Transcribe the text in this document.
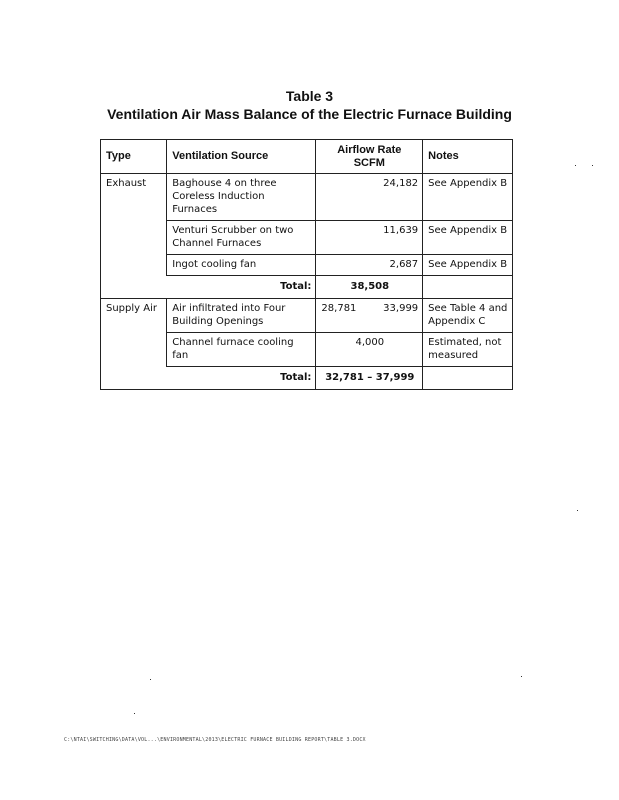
Table 3
Ventilation Air Mass Balance of the Electric Furnace Building
Type	Ventilation Source	Airflow Rate SCFM	Notes
Exhaust	Baghouse 4 on three Coreless Induction Furnaces	24,182	See Appendix B
	Venturi Scrubber on two Channel Furnaces	11,639	See Appendix B
	Ingot cooling fan	2,687	See Appendix B
	Total:	38,508	
Supply Air	Air infiltrated into Four Building Openings	28,781 33,999	See Table 4 and Appendix C
	Channel furnace cooling fan	4,000	Estimated, not measured
	Total:	32,781 – 37,999	
C:\NTAI\SWITCHING\DATA\VOL...\ENVIRONMENTAL\2013\ELECTRIC FURNACE BUILDING REPORT\TABLE 3.DOCX
